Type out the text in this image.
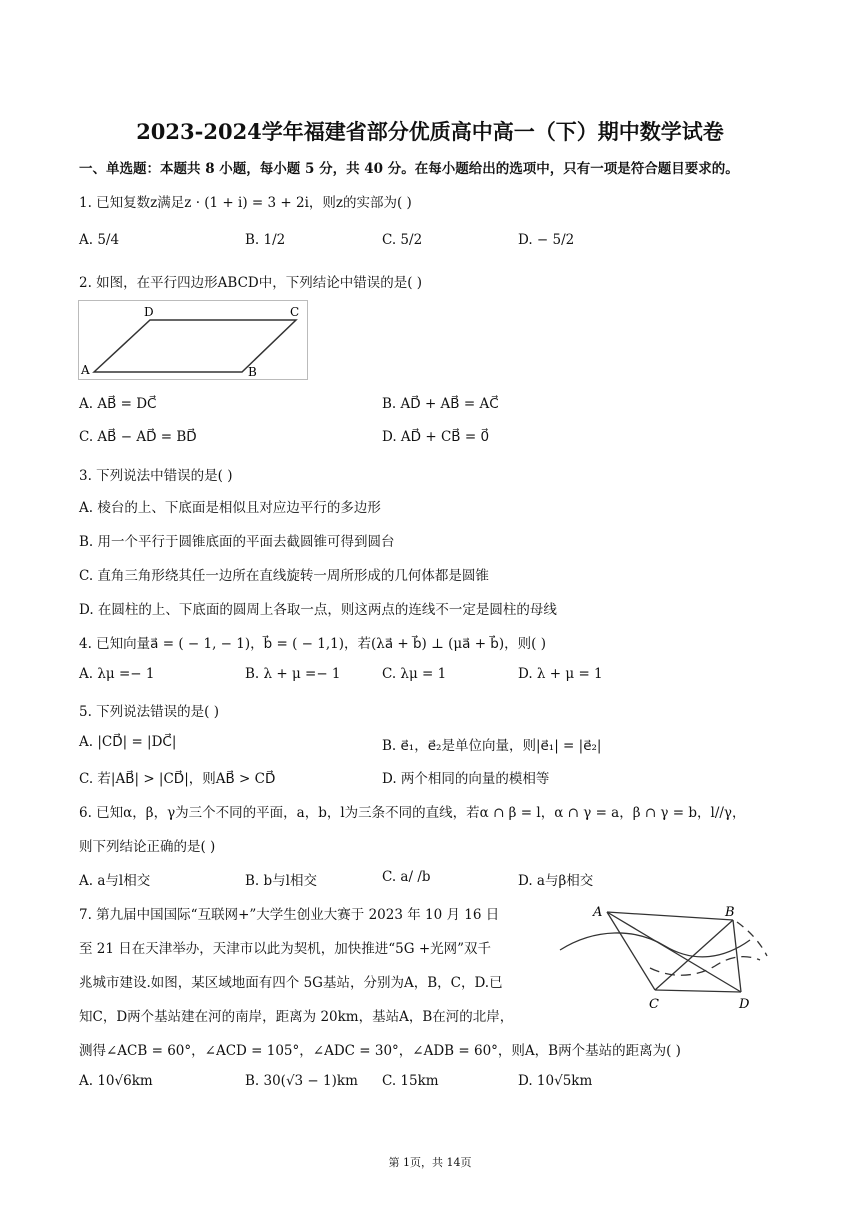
2023-2024学年福建省部分优质高中高一（下）期中数学试卷
一、单选题：本题共 8 小题，每小题 5 分，共 40 分。在每小题给出的选项中，只有一项是符合题目要求的。
1. 已知复数z满足z · (1 + i) = 3 + 2i，则z的实部为( )
A. 5/4	B. 1/2	C. 5/2	D. − 5/2
2. 如图，在平行四边形ABCD中，下列结论中错误的是( )
D	C
A	B
A. AB⃗ = DC⃗	B. AD⃗ + AB⃗ = AC⃗
C. AB⃗ − AD⃗ = BD⃗	D. AD⃗ + CB⃗ = 0⃗
3. 下列说法中错误的是( )
A. 棱台的上、下底面是相似且对应边平行的多边形
B. 用一个平行于圆锥底面的平面去截圆锥可得到圆台
C. 直角三角形绕其任一边所在直线旋转一周所形成的几何体都是圆锥
D. 在圆柱的上、下底面的圆周上各取一点，则这两点的连线不一定是圆柱的母线
4. 已知向量a⃗ = ( − 1, − 1)，b⃗ = ( − 1,1)，若(λa⃗ + b⃗) ⊥ (μa⃗ + b⃗)，则( )
A. λμ =− 1	B. λ + μ =− 1	C. λμ = 1	D. λ + μ = 1
5. 下列说法错误的是( )
A. |CD⃗| = |DC⃗|	B. e⃗₁，e⃗₂是单位向量，则|e⃗₁| = |e⃗₂|
C. 若|AB⃗| > |CD⃗|，则AB⃗ > CD⃗	D. 两个相同的向量的模相等
6. 已知α，β，γ为三个不同的平面，a，b，l为三条不同的直线，若α ∩ β = l，α ∩ γ = a，β ∩ γ = b，l//γ，
则下列结论正确的是( )
A. a与l相交	B. b与l相交	C. a/ /b	D. a与β相交
7. 第九届中国国际“互联网+”大学生创业大赛于 2023 年 10 月 16 日
至 21 日在天津举办，天津市以此为契机，加快推进“5G +光网”双千
兆城市建设.如图，某区域地面有四个 5G基站，分别为A，B，C，D.已
知C，D两个基站建在河的南岸，距离为 20km，基站A，B在河的北岸，
测得∠ACB = 60°，∠ACD = 105°，∠ADC = 30°，∠ADB = 60°，则A，B两个基站的距离为( )
A	B
C	D
A. 10√6km	B. 30(√3 − 1)km C. 15km	D. 10√5km
第 1页，共 14页
